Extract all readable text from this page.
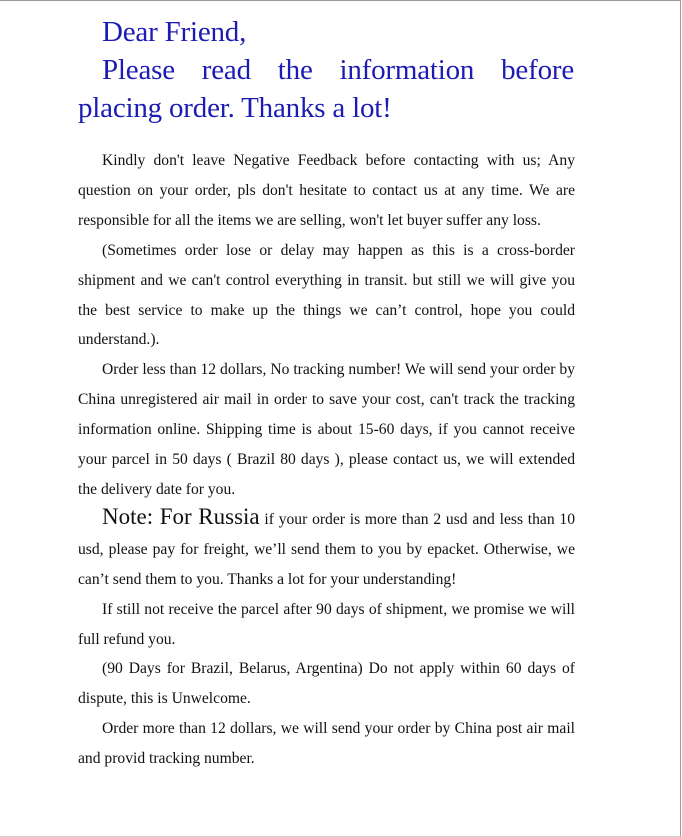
Dear Friend,
Please read the information before placing order. Thanks a lot!

Kindly don't leave Negative Feedback before contacting with us; Any question on your order, pls don't hesitate to contact us at any time. We are responsible for all the items we are selling, won't let buyer suffer any loss.

(Sometimes order lose or delay may happen as this is a cross-border shipment and we can't control everything in transit. but still we will give you the best service to make up the things we can’t control, hope you could understand.).

Order less than 12 dollars, No tracking number! We will send your order by China unregistered air mail in order to save your cost, can't track the tracking information online. Shipping time is about 15-60 days, if you cannot receive your parcel in 50 days ( Brazil 80 days ), please contact us, we will extended the delivery date for you.

Note: For Russia if your order is more than 2 usd and less than 10 usd, please pay for freight, we’ll send them to you by epacket. Otherwise, we can’t send them to you. Thanks a lot for your understanding!

If still not receive the parcel after 90 days of shipment, we promise we will full refund you.

(90 Days for Brazil, Belarus, Argentina) Do not apply within 60 days of dispute, this is Unwelcome.

Order more than 12 dollars, we will send your order by China post air mail and provid tracking number.
